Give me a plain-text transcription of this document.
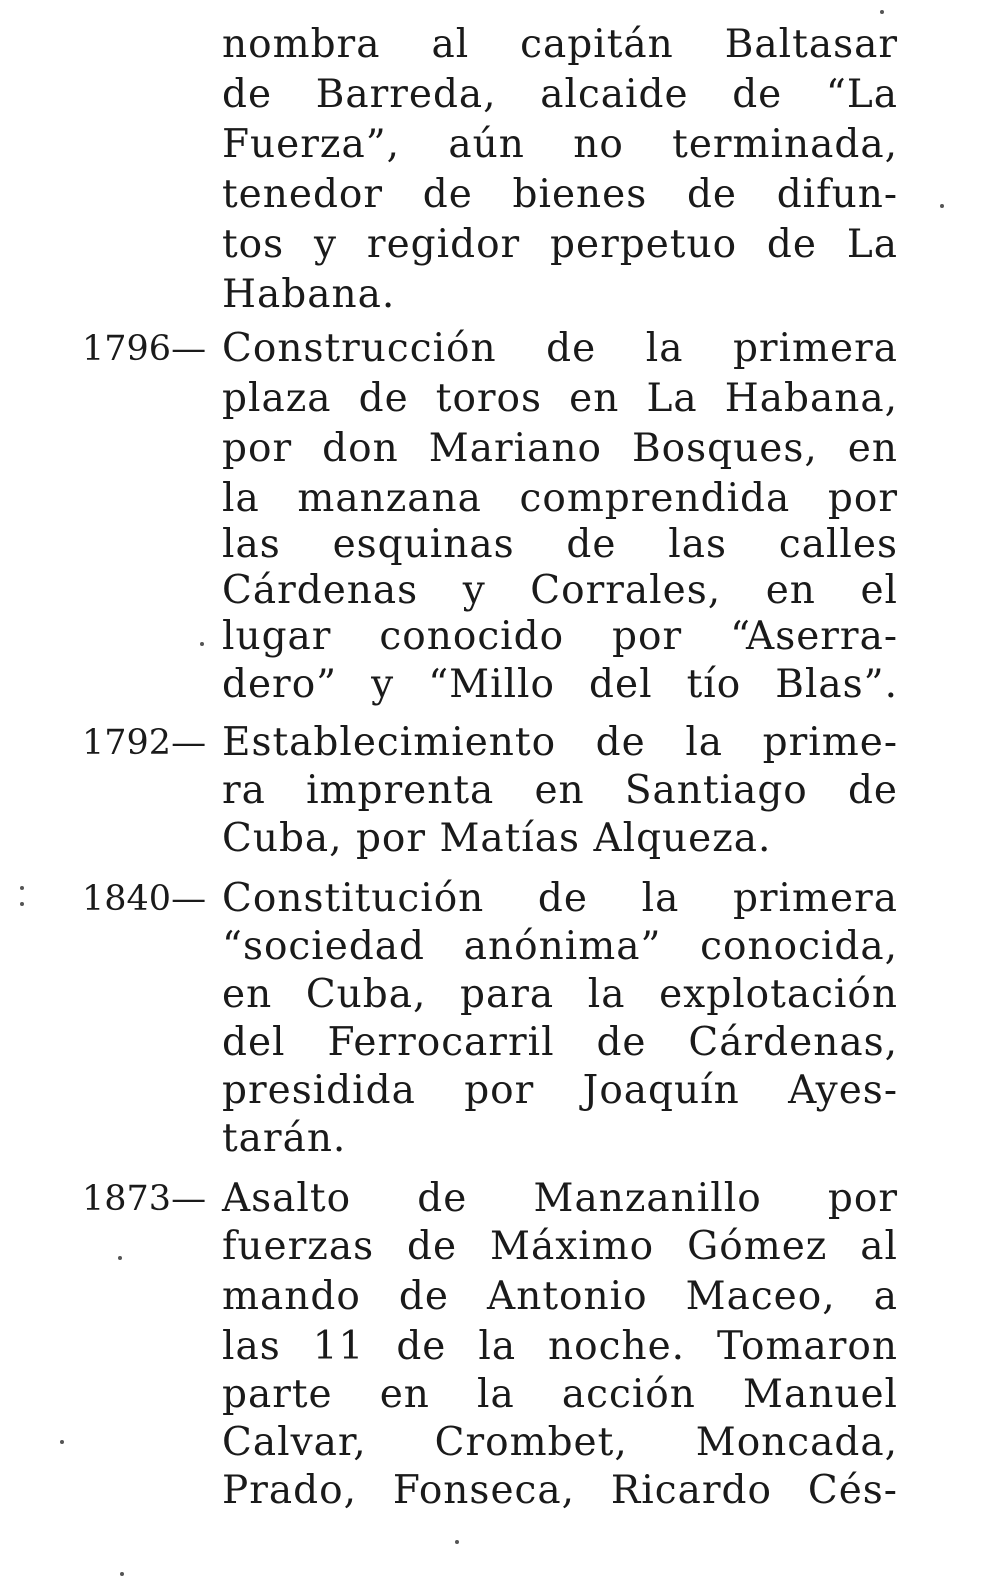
nombra al capitán Baltasar
de Barreda, alcaide de “La
Fuerza”, aún no terminada,
tenedor de bienes de difun-
tos y regidor perpetuo de La
Habana.
1796— Construcción de la primera
plaza de toros en La Habana,
por don Mariano Bosques, en
la manzana comprendida por
las esquinas de las calles
Cárdenas y Corrales, en el
lugar conocido por “Aserra-
dero” y “Millo del tío Blas”.
1792— Establecimiento de la prime-
ra imprenta en Santiago de
Cuba, por Matías Alqueza.
1840— Constitución de la primera
“sociedad anónima” conocida,
en Cuba, para la explotación
del Ferrocarril de Cárdenas,
presidida por Joaquín Ayes-
tarán.
1873— Asalto de Manzanillo por
fuerzas de Máximo Gómez al
mando de Antonio Maceo, a
las 11 de la noche. Tomaron
parte en la acción Manuel
Calvar, Crombet, Moncada,
Prado, Fonseca, Ricardo Cés-
